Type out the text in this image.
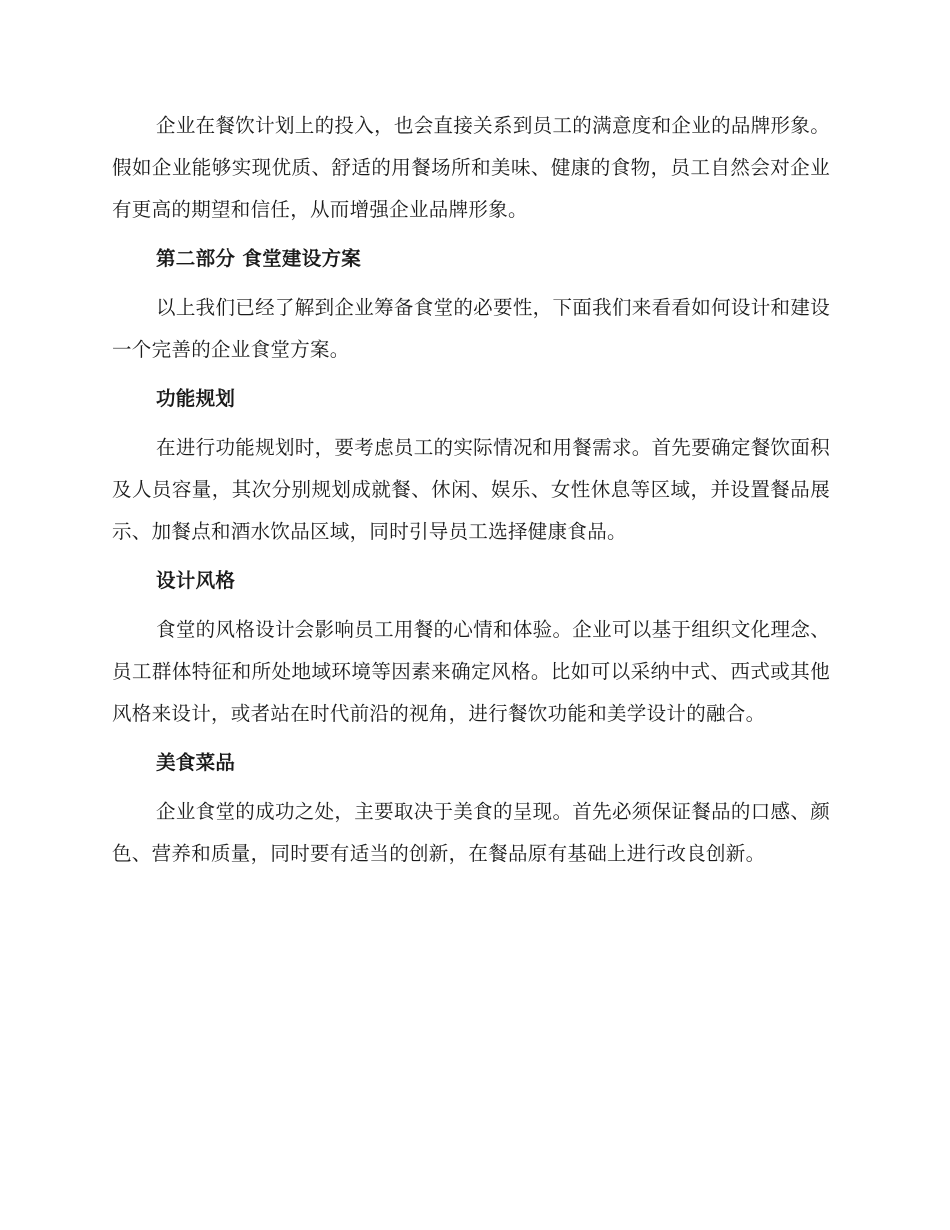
企业在餐饮计划上的投入，也会直接关系到员工的满意度和企业的品牌形象。假如企业能够实现优质、舒适的用餐场所和美味、健康的食物，员工自然会对企业有更高的期望和信任，从而增强企业品牌形象。

第二部分 食堂建设方案

以上我们已经了解到企业筹备食堂的必要性，下面我们来看看如何设计和建设一个完善的企业食堂方案。

功能规划

在进行功能规划时，要考虑员工的实际情况和用餐需求。首先要确定餐饮面积及人员容量，其次分别规划成就餐、休闲、娱乐、女性休息等区域，并设置餐品展示、加餐点和酒水饮品区域，同时引导员工选择健康食品。

设计风格

食堂的风格设计会影响员工用餐的心情和体验。企业可以基于组织文化理念、员工群体特征和所处地域环境等因素来确定风格。比如可以采纳中式、西式或其他风格来设计，或者站在时代前沿的视角，进行餐饮功能和美学设计的融合。

美食菜品

企业食堂的成功之处，主要取决于美食的呈现。首先必须保证餐品的口感、颜色、营养和质量，同时要有适当的创新，在餐品原有基础上进行改良创新。
